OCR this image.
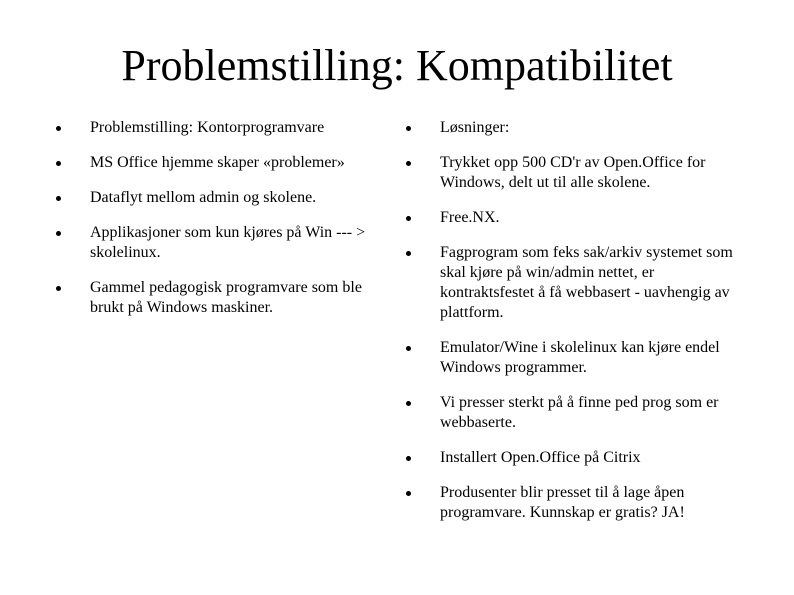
Problemstilling: Kompatibilitet
Problemstilling: Kontorprogramvare
MS Office hjemme skaper «problemer»
Dataflyt mellom admin og skolene.
Applikasjoner som kun kjøres på Win --- > skolelinux.
Gammel pedagogisk programvare som ble brukt på Windows maskiner.
Løsninger:
Trykket opp 500 CD'r av Open.Office for Windows, delt ut til alle skolene.
Free.NX.
Fagprogram som feks sak/arkiv systemet som skal kjøre på win/admin nettet, er kontraktsfestet å få webbasert - uavhengig av plattform.
Emulator/Wine i skolelinux kan kjøre endel Windows programmer.
Vi presser sterkt på å finne ped prog som er webbaserte.
Installert Open.Office på Citrix
Produsenter blir presset til å lage åpen programvare. Kunnskap er gratis? JA!
